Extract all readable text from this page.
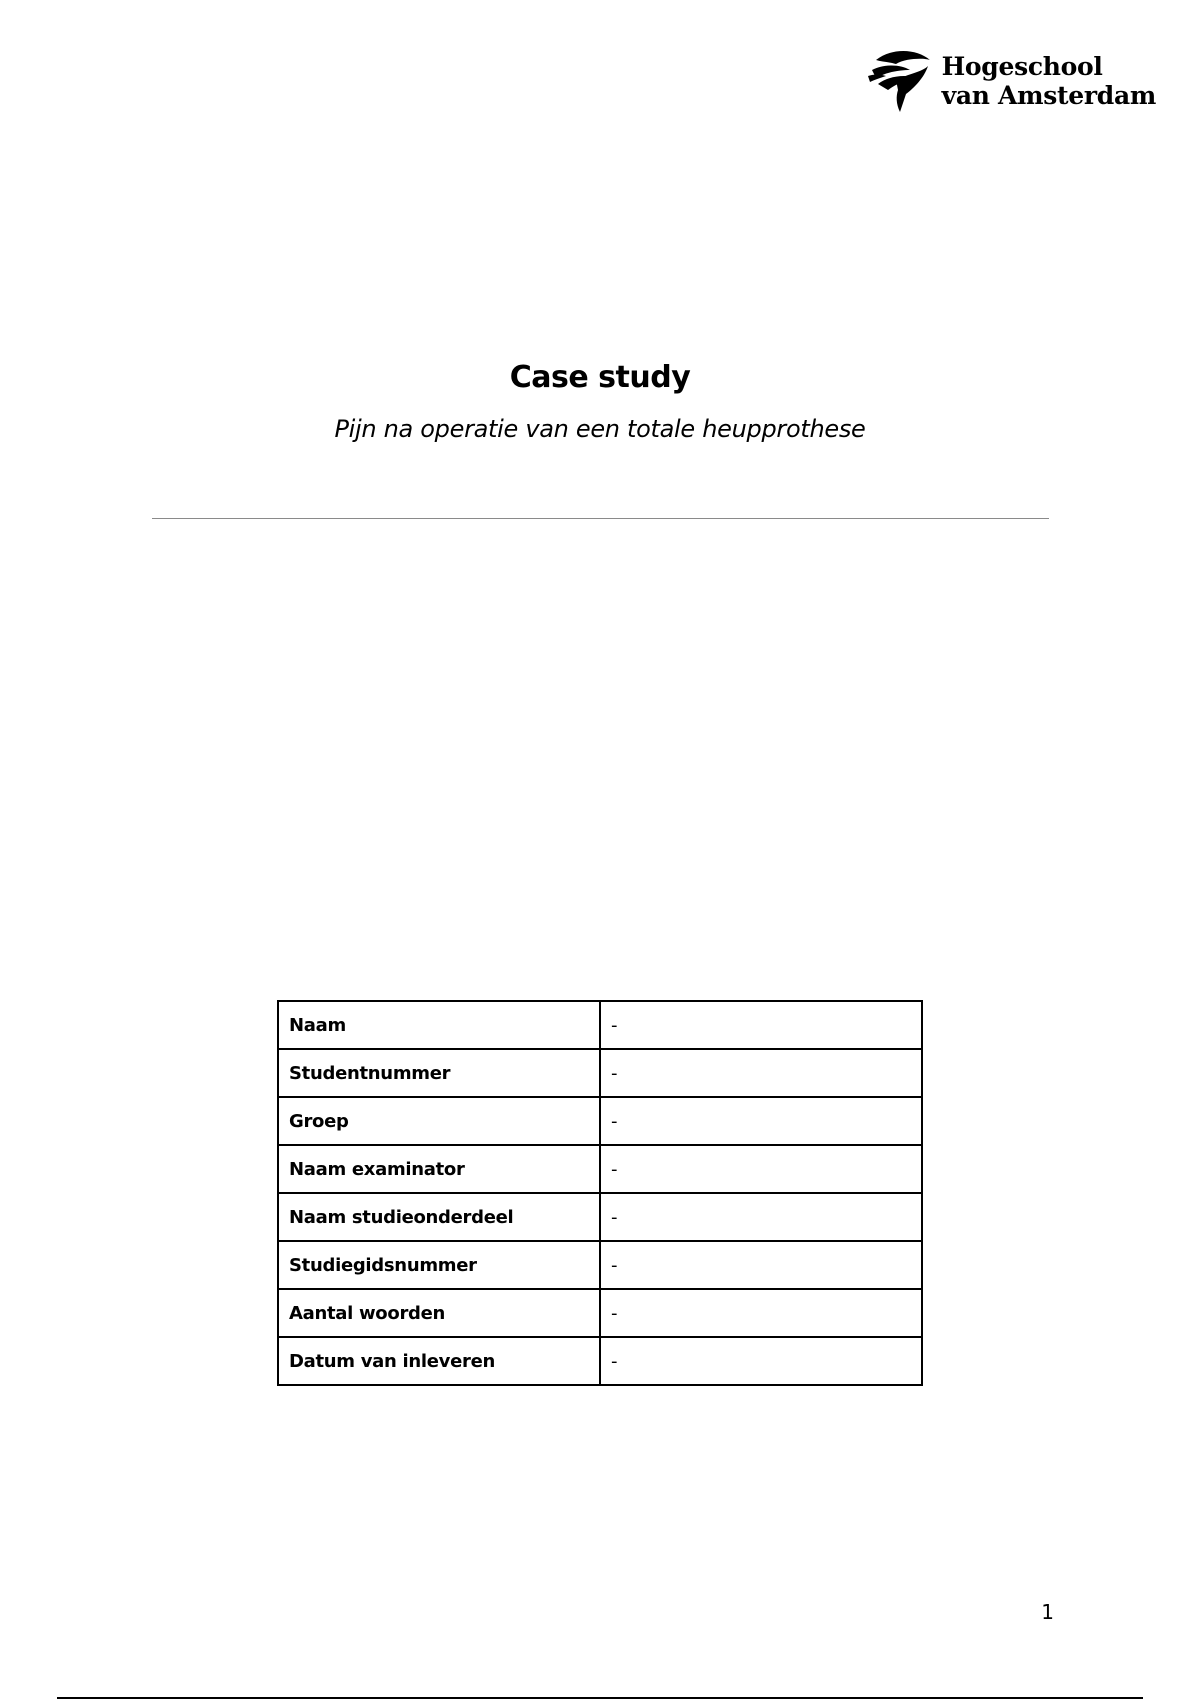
Hogeschool
van Amsterdam
Case study
Pijn na operatie van een totale heupprothese
Naam	-
Studentnummer	-
Groep	-
Naam examinator	-
Naam studieonderdeel	-
Studiegidsnummer	-
Aantal woorden	-
Datum van inleveren	-
1
